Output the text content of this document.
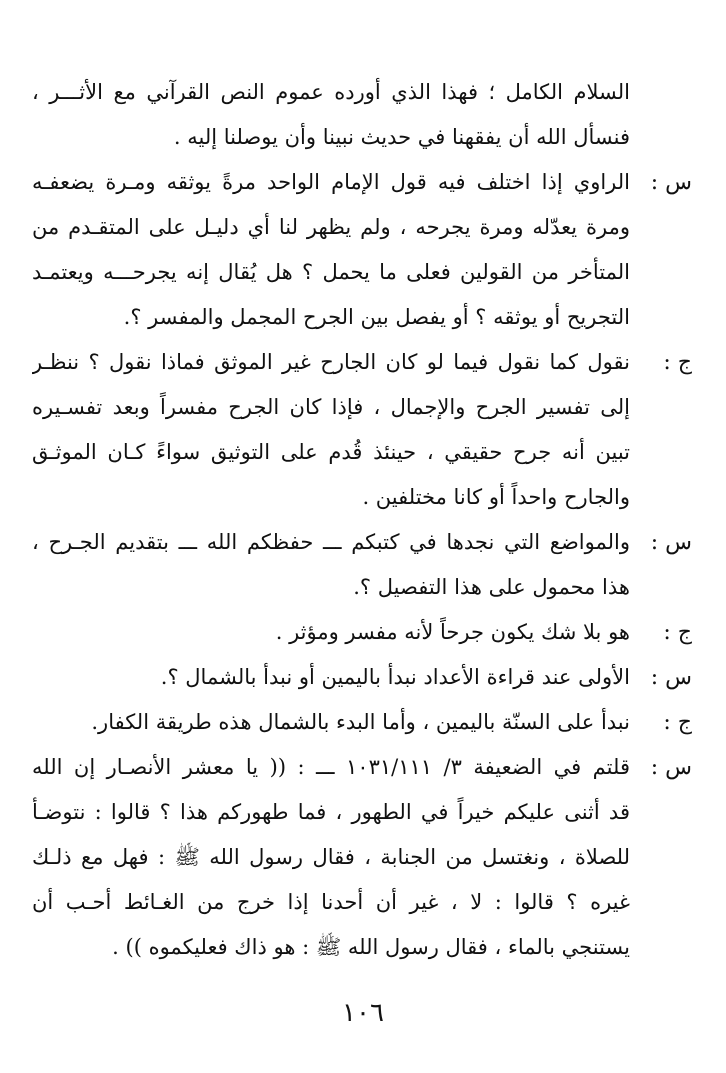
السلام الكامل ؛ فهذا الذي أورده عموم النص القرآني مع الأثـــر ،
فنسأل الله أن يفقهنا في حديث نبينا وأن يوصلنا إليه .
س :
الراوي إذا اختلف فيه قول الإمام الواحد مرةً يوثقه ومـرة يضعفـه
ومرة يعدّله ومرة يجرحه ، ولم يظهر لنا أي دليـل على المتقـدم من
المتأخر من القولين فعلى ما يحمل ؟ هل يُقال إنه يجرحـــه ويعتمـد
التجريح أو يوثقه ؟ أو يفصل بين الجرح المجمل والمفسر ؟.
ج :
نقول كما نقول فيما لو كان الجارح غير الموثق فماذا نقول ؟ ننظـر
إلى تفسير الجرح والإجمال ، فإذا كان الجرح مفسراً وبعد تفسـيره
تبين أنه جرح حقيقي ، حينئذ قُدم على التوثيق سواءً كـان الموثـق
والجارح واحداً أو كانا مختلفين .
س :
والمواضع التي نجدها في كتبكم ـــ حفظكم الله ـــ بتقديم الجـرح ،
هذا محمول على هذا التفصيل ؟.
ج :
هو بلا شك يكون جرحاً لأنه مفسر ومؤثر .
س :
الأولى عند قراءة الأعداد نبدأ باليمين أو نبدأ بالشمال ؟.
ج :
نبدأ على السنّة باليمين ، وأما البدء بالشمال هذه طريقة الكفار.
س :
قلتم في الضعيفة ٣/ ١٠٣١/١١١ ـــ : (( يا معشر الأنصـار إن الله
قد أثنى عليكم خيراً في الطهور ، فما طهوركم هذا ؟ قالوا : نتوضـأ
للصلاة ، ونغتسل من الجنابة ، فقال رسول الله ﷺ : فهل مع ذلـك
غيره ؟ قالوا : لا ، غير أن أحدنا إذا خرج من الغـائط أحـب أن
يستنجي بالماء ، فقال رسول الله ﷺ : هو ذاك فعليكموه )) .
١٠٦
